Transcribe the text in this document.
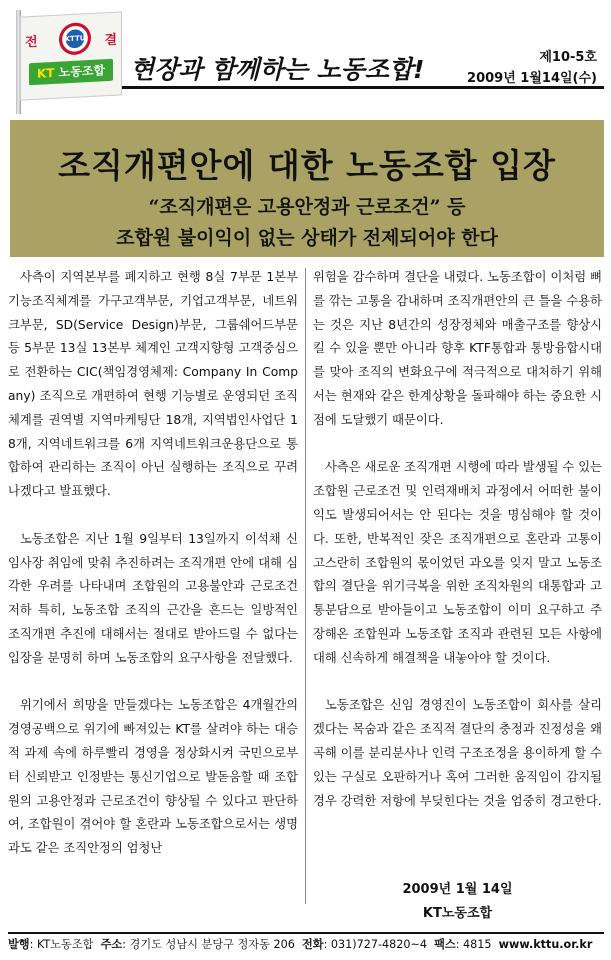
전	KTTU	결
KT 노동조합 현장과 함께하는 노동조합!	제10-5호
2009년 1월14일(수)
조직개편안에 대한 노동조합 입장
“조직개편은 고용안정과 근로조건” 등
조합원 불이익이 없는 상태가 전제되어야 한다

사측이 지역본부를 폐지하고 현행 8실 7부문 1본부 기능조직체계를 가구고객부문, 기업고객부문, 네트워크부문, SD(Service Design)부문, 그룹쉐어드부문 등 5부문 13실 13본부 체계인 고객지향형 고객중심으로 전환하는 CIC(책임경영체제: Company In Company) 조직으로 개편하여 현행 기능별로 운영되던 조직체계를 권역별 지역마케팅단 18개, 지역법인사업단 18개, 지역네트워크를 6개 지역네트워크운용단으로 통합하여 관리하는 조직이 아닌 실행하는 조직으로 꾸려나겠다고 발표했다.

노동조합은 지난 1월 9일부터 13일까지 이석채 신임사장 취임에 맞춰 추진하려는 조직개편 안에 대해 심각한 우려를 나타내며 조합원의 고용불안과 근로조건 저하 특히, 노동조합 조직의 근간을 흔드는 일방적인 조직개편 추진에 대해서는 절대로 받아드릴 수 없다는 입장을 분명히 하며 노동조합의 요구사항을 전달했다.

위기에서 희망을 만들겠다는 노동조합은 4개월간의 경영공백으로 위기에 빠져있는 KT를 살려야 하는 대승적 과제 속에 하루빨리 경영을 정상화시켜 국민으로부터 신뢰받고 인정받는 통신기업으로 발돋움할 때 조합원의 고용안정과 근로조건이 향상될 수 있다고 판단하여, 조합원이 겪어야 할 혼란과 노동조합으로서는 생명과도 같은 조직안정의 엄청난

위험을 감수하며 결단을 내렸다. 노동조합이 이처럼 뼈를 깎는 고통을 감내하며 조직개편안의 큰 틀을 수용하는 것은 지난 8년간의 성장정체와 매출구조를 향상시킬 수 있을 뿐만 아니라 향후 KTF통합과 통방융합시대를 맞아 조직의 변화요구에 적극적으로 대처하기 위해서는 현재와 같은 한계상황을 돌파해야 하는 중요한 시점에 도달했기 때문이다.

사측은 새로운 조직개편 시행에 따라 발생될 수 있는 조합원 근로조건 및 인력재배치 과정에서 어떠한 불이익도 발생되어서는 안 된다는 것을 명심해야 할 것이다. 또한, 반복적인 잦은 조직개편으로 혼란과 고통이 고스란히 조합원의 몫이었던 과오를 잊지 말고 노동조합의 결단을 위기극복을 위한 조직차원의 대통합과 고통분담으로 받아들이고 노동조합이 이미 요구하고 주장해온 조합원과 노동조합 조직과 관련된 모든 사항에 대해 신속하게 해결책을 내놓아야 할 것이다.

노동조합은 신임 경영진이 노동조합이 회사를 살리겠다는 목숨과 같은 조직적 결단의 충정과 진정성을 왜곡해 이를 분리분사나 인력 구조조정을 용이하게 할 수 있는 구실로 오판하거나 혹여 그러한 움직임이 감지될 경우 강력한 저항에 부딪힌다는 것을 엄중히 경고한다.

2009년 1월 14일
KT노동조합
발행: KT노동조합 주소: 경기도 성남시 분당구 정자동 206 전화: 031)727-4820~4 팩스: 4815 www.kttu.or.kr
